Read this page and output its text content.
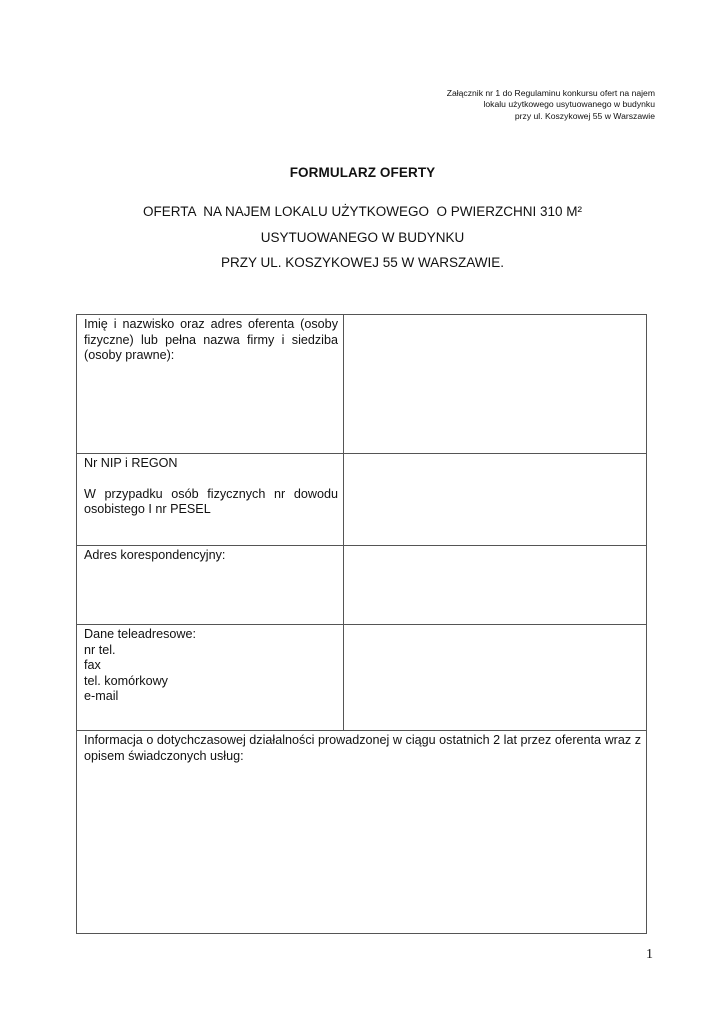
Załącznik nr 1 do Regulaminu konkursu ofert na najem
lokalu użytkowego usytuowanego w budynku
przy ul. Koszykowej 55 w Warszawie
FORMULARZ OFERTY
OFERTA  NA NAJEM LOKALU UŻYTKOWEGO  O PWIERZCHNI 310 M²
USYTUOWANEGO W BUDYNKU
PRZY UL. KOSZYKOWEJ 55 W WARSZAWIE.
Imię i nazwisko oraz adres oferenta (osoby fizyczne) lub pełna nazwa firmy i siedziba (osoby prawne):	

Nr NIP i REGON
W przypadku osób fizycznych nr dowodu osobistego I nr PESEL	

Adres korespondencyjny:	

Dane teleadresowe:
nr tel.
fax
tel. komórkowy
e-mail	

Informacja o dotychczasowej działalności prowadzonej w ciągu ostatnich 2 lat przez oferenta wraz z opisem świadczonych usług:	
1
